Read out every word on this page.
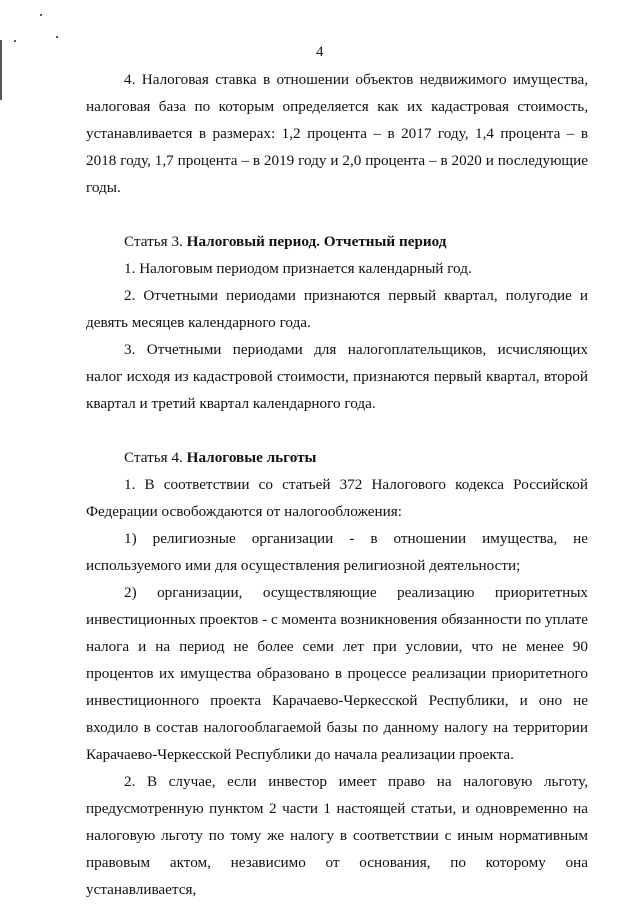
4

4. Налоговая ставка в отношении объектов недвижимого имущества, налоговая база по которым определяется как их кадастровая стоимость, устанавливается в размерах: 1,2 процента – в 2017 году, 1,4 процента – в 2018 году, 1,7 процента – в 2019 году и 2,0 процента – в 2020 и последующие годы.

Статья 3. Налоговый период. Отчетный период

1. Налоговым периодом признается календарный год.

2. Отчетными периодами признаются первый квартал, полугодие и девять месяцев календарного года.

3. Отчетными периодами для налогоплательщиков, исчисляющих налог исходя из кадастровой стоимости, признаются первый квартал, второй квартал и третий квартал календарного года.

Статья 4. Налоговые льготы

1. В соответствии со статьей 372 Налогового кодекса Российской Федерации освобождаются от налогообложения:

1) религиозные организации - в отношении имущества, не используемого ими для осуществления религиозной деятельности;

2) организации, осуществляющие реализацию приоритетных инвестиционных проектов - с момента возникновения обязанности по уплате налога и на период не более семи лет при условии, что не менее 90 процентов их имущества образовано в процессе реализации приоритетного инвестиционного проекта Карачаево-Черкесской Республики, и оно не входило в состав налогооблагаемой базы по данному налогу на территории Карачаево-Черкесской Республики до начала реализации проекта.

2. В случае, если инвестор имеет право на налоговую льготу, предусмотренную пунктом 2 части 1 настоящей статьи, и одновременно на налоговую льготу по тому же налогу в соответствии с иным нормативным правовым актом, независимо от основания, по которому она устанавливается,
